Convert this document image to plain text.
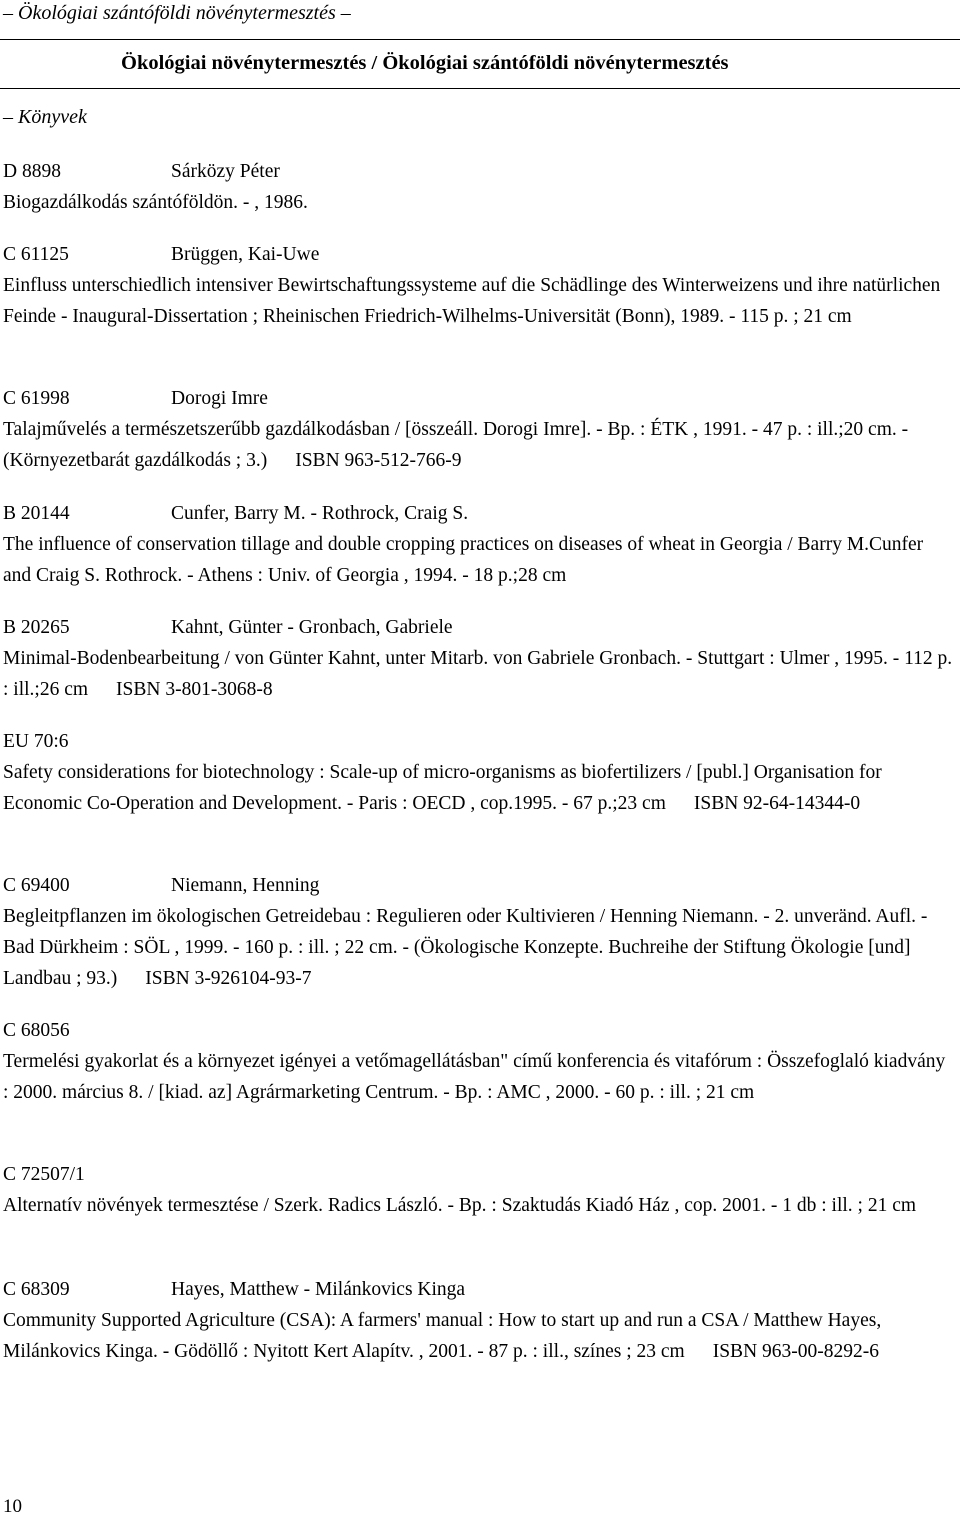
– Ökológiai szántóföldi növénytermesztés –
Ökológiai növénytermesztés / Ökológiai szántóföldi növénytermesztés
– Könyvek
D 8898	Sárközy Péter
Biogazdálkodás szántóföldön. - , 1986.
C 61125	Brüggen, Kai-Uwe
Einfluss unterschiedlich intensiver Bewirtschaftungssysteme auf die Schädlinge des Winterweizens und ihre natürlichen Feinde - Inaugural-Dissertation ; Rheinischen Friedrich-Wilhelms-Universität (Bonn), 1989. - 115 p. ; 21 cm
C 61998	Dorogi Imre
Talajművelés a természetszerűbb gazdálkodásban / [összeáll. Dorogi Imre]. - Bp. : ÉTK , 1991. - 47 p. : ill.;20 cm. - (Környezetbarát gazdálkodás ; 3.) ISBN 963-512-766-9
B 20144	Cunfer, Barry M. - Rothrock, Craig S.
The influence of conservation tillage and double cropping practices on diseases of wheat in Georgia / Barry M.Cunfer and Craig S. Rothrock. - Athens : Univ. of Georgia , 1994. - 18 p.;28 cm
B 20265	Kahnt, Günter - Gronbach, Gabriele
Minimal-Bodenbearbeitung / von Günter Kahnt, unter Mitarb. von Gabriele Gronbach. - Stuttgart : Ulmer , 1995. - 112 p. : ill.;26 cm ISBN 3-801-3068-8
EU 70:6
Safety considerations for biotechnology : Scale-up of micro-organisms as biofertilizers / [publ.] Organisation for Economic Co-Operation and Development. - Paris : OECD , cop.1995. - 67 p.;23 cm ISBN 92-64-14344-0
C 69400	Niemann, Henning
Begleitpflanzen im ökologischen Getreidebau : Regulieren oder Kultivieren / Henning Niemann. - 2. unveränd. Aufl. - Bad Dürkheim : SÖL , 1999. - 160 p. : ill. ; 22 cm. - (Ökologische Konzepte. Buchreihe der Stiftung Ökologie [und] Landbau ; 93.) ISBN 3-926104-93-7
C 68056
Termelési gyakorlat és a környezet igényei a vetőmagellátásban" című konferencia és vitafórum : Összefoglaló kiadvány : 2000. március 8. / [kiad. az] Agrármarketing Centrum. - Bp. : AMC , 2000. - 60 p. : ill. ; 21 cm
C 72507/1
Alternatív növények termesztése / Szerk. Radics László. - Bp. : Szaktudás Kiadó Ház , cop. 2001. - 1 db : ill. ; 21 cm
C 68309	Hayes, Matthew - Milánkovics Kinga
Community Supported Agriculture (CSA): A farmers' manual : How to start up and run a CSA / Matthew Hayes, Milánkovics Kinga. - Gödöllő : Nyitott Kert Alapítv. , 2001. - 87 p. : ill., színes ; 23 cm ISBN 963-00-8292-6
10
